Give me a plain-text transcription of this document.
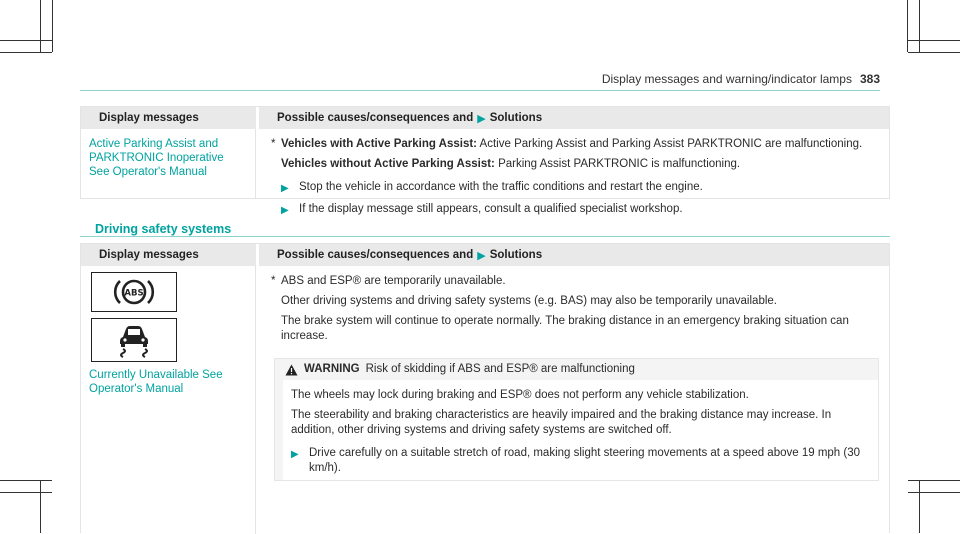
Display messages and warning/indicator lamps 383
Display messages	Possible causes/consequences and ▶ Solutions
Active Parking Assist and
PARKTRONIC Inoperative
See Operator's Manual

* Vehicles with Active Parking Assist: Active Parking Assist and Parking Assist PARKTRONIC are malfunctioning.

Vehicles without Active Parking Assist: Parking Assist PARKTRONIC is malfunctioning.

▶ Stop the vehicle in accordance with the traffic conditions and restart the engine.
▶ If the display message still appears, consult a qualified specialist workshop.
Driving safety systems
Display messages	Possible causes/consequences and ▶ Solutions
ABS
Currently Unavailable See
Operator's Manual

* ABS and ESP® are temporarily unavailable.

Other driving systems and driving safety systems (e.g. BAS) may also be temporarily unavailable.

The brake system will continue to operate normally. The braking distance in an emergency braking situation can increase.

WARNING Risk of skidding if ABS and ESP® are malfunctioning

The wheels may lock during braking and ESP® does not perform any vehicle stabilization.

The steerability and braking characteristics are heavily impaired and the braking distance may increase. In addition, other driving systems and driving safety systems are switched off.

▶ Drive carefully on a suitable stretch of road, making slight steering movements at a speed above 19 mph (30 km/h).
